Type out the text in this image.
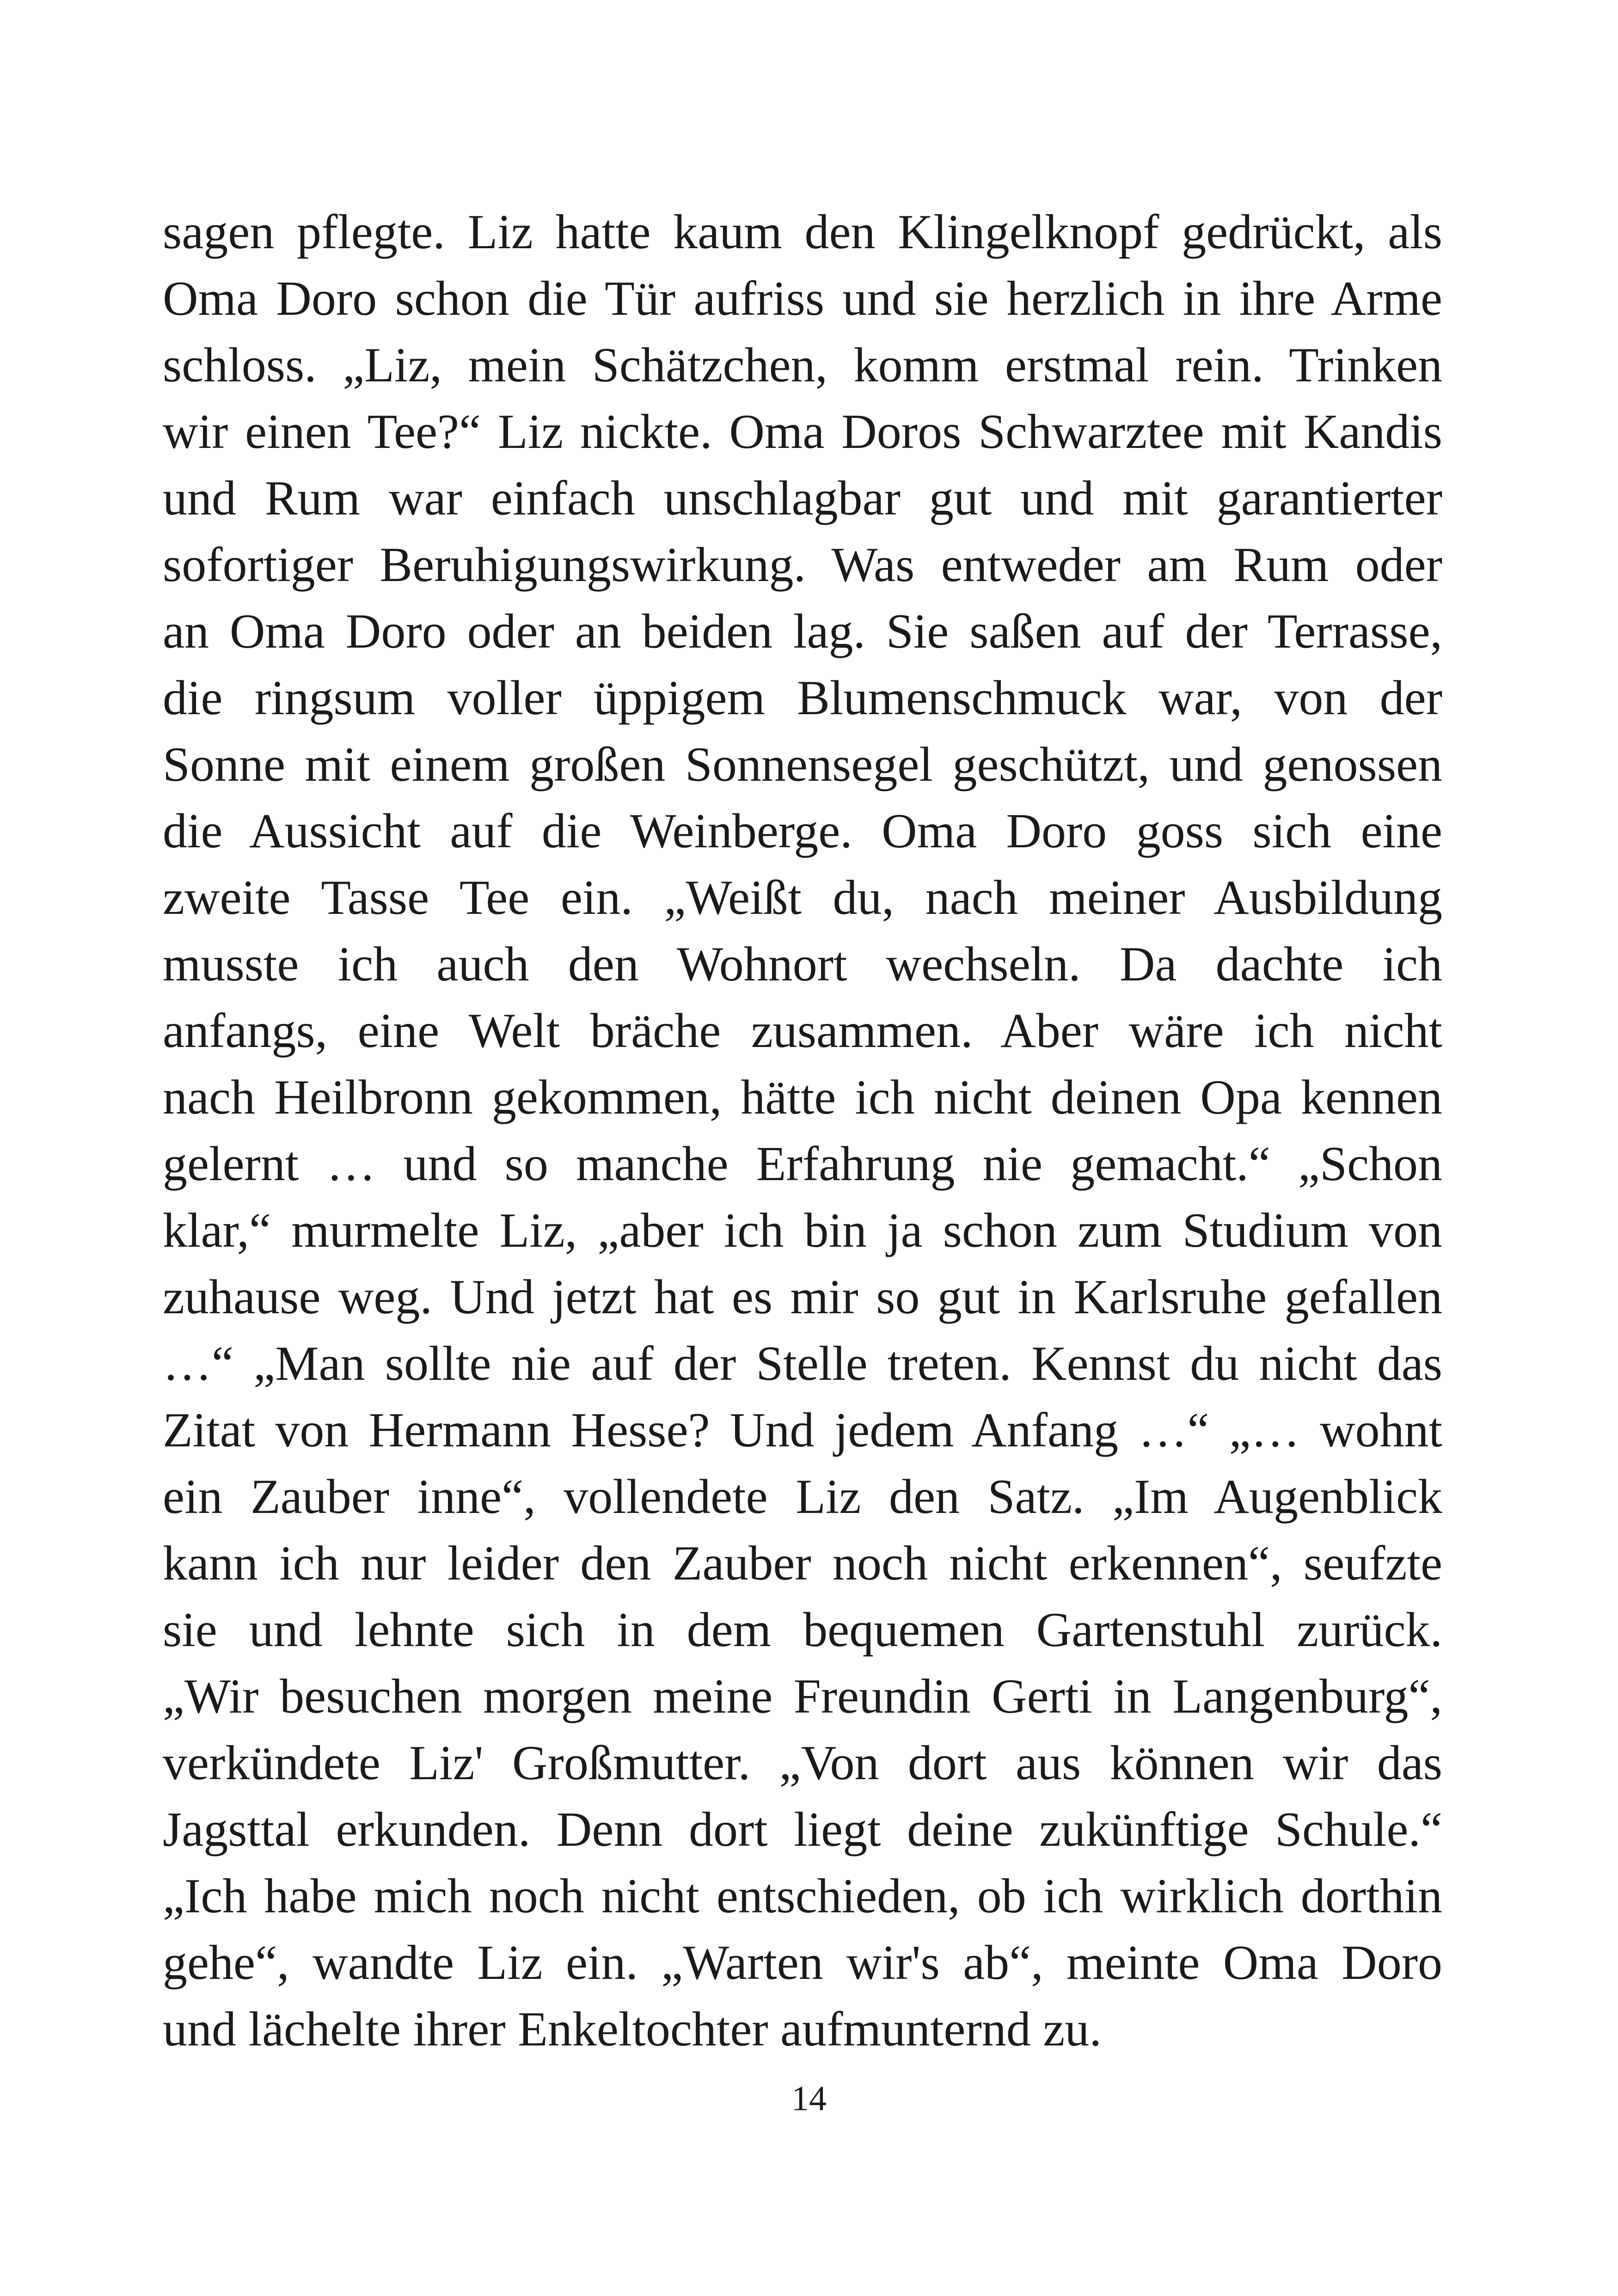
sagen pflegte. Liz hatte kaum den Klingelknopf gedrückt, als
Oma Doro schon die Tür aufriss und sie herzlich in ihre Arme
schloss. „Liz, mein Schätzchen, komm erstmal rein. Trinken
wir einen Tee?“ Liz nickte. Oma Doros Schwarztee mit Kandis
und Rum war einfach unschlagbar gut und mit garantierter
sofortiger Beruhigungswirkung. Was entweder am Rum oder
an Oma Doro oder an beiden lag. Sie saßen auf der Terrasse,
die ringsum voller üppigem Blumenschmuck war, von der
Sonne mit einem großen Sonnensegel geschützt, und genossen
die Aussicht auf die Weinberge. Oma Doro goss sich eine
zweite Tasse Tee ein. „Weißt du, nach meiner Ausbildung
musste ich auch den Wohnort wechseln. Da dachte ich
anfangs, eine Welt bräche zusammen. Aber wäre ich nicht
nach Heilbronn gekommen, hätte ich nicht deinen Opa kennen
gelernt … und so manche Erfahrung nie gemacht.“ „Schon
klar,“ murmelte Liz, „aber ich bin ja schon zum Studium von
zuhause weg. Und jetzt hat es mir so gut in Karlsruhe gefallen
…“ „Man sollte nie auf der Stelle treten. Kennst du nicht das
Zitat von Hermann Hesse? Und jedem Anfang …“ „… wohnt
ein Zauber inne“, vollendete Liz den Satz. „Im Augenblick
kann ich nur leider den Zauber noch nicht erkennen“, seufzte
sie und lehnte sich in dem bequemen Gartenstuhl zurück.
„Wir besuchen morgen meine Freundin Gerti in Langenburg“,
verkündete Liz' Großmutter. „Von dort aus können wir das
Jagsttal erkunden. Denn dort liegt deine zukünftige Schule.“
„Ich habe mich noch nicht entschieden, ob ich wirklich dorthin
gehe“, wandte Liz ein. „Warten wir's ab“, meinte Oma Doro
und lächelte ihrer Enkeltochter aufmunternd zu.
14
